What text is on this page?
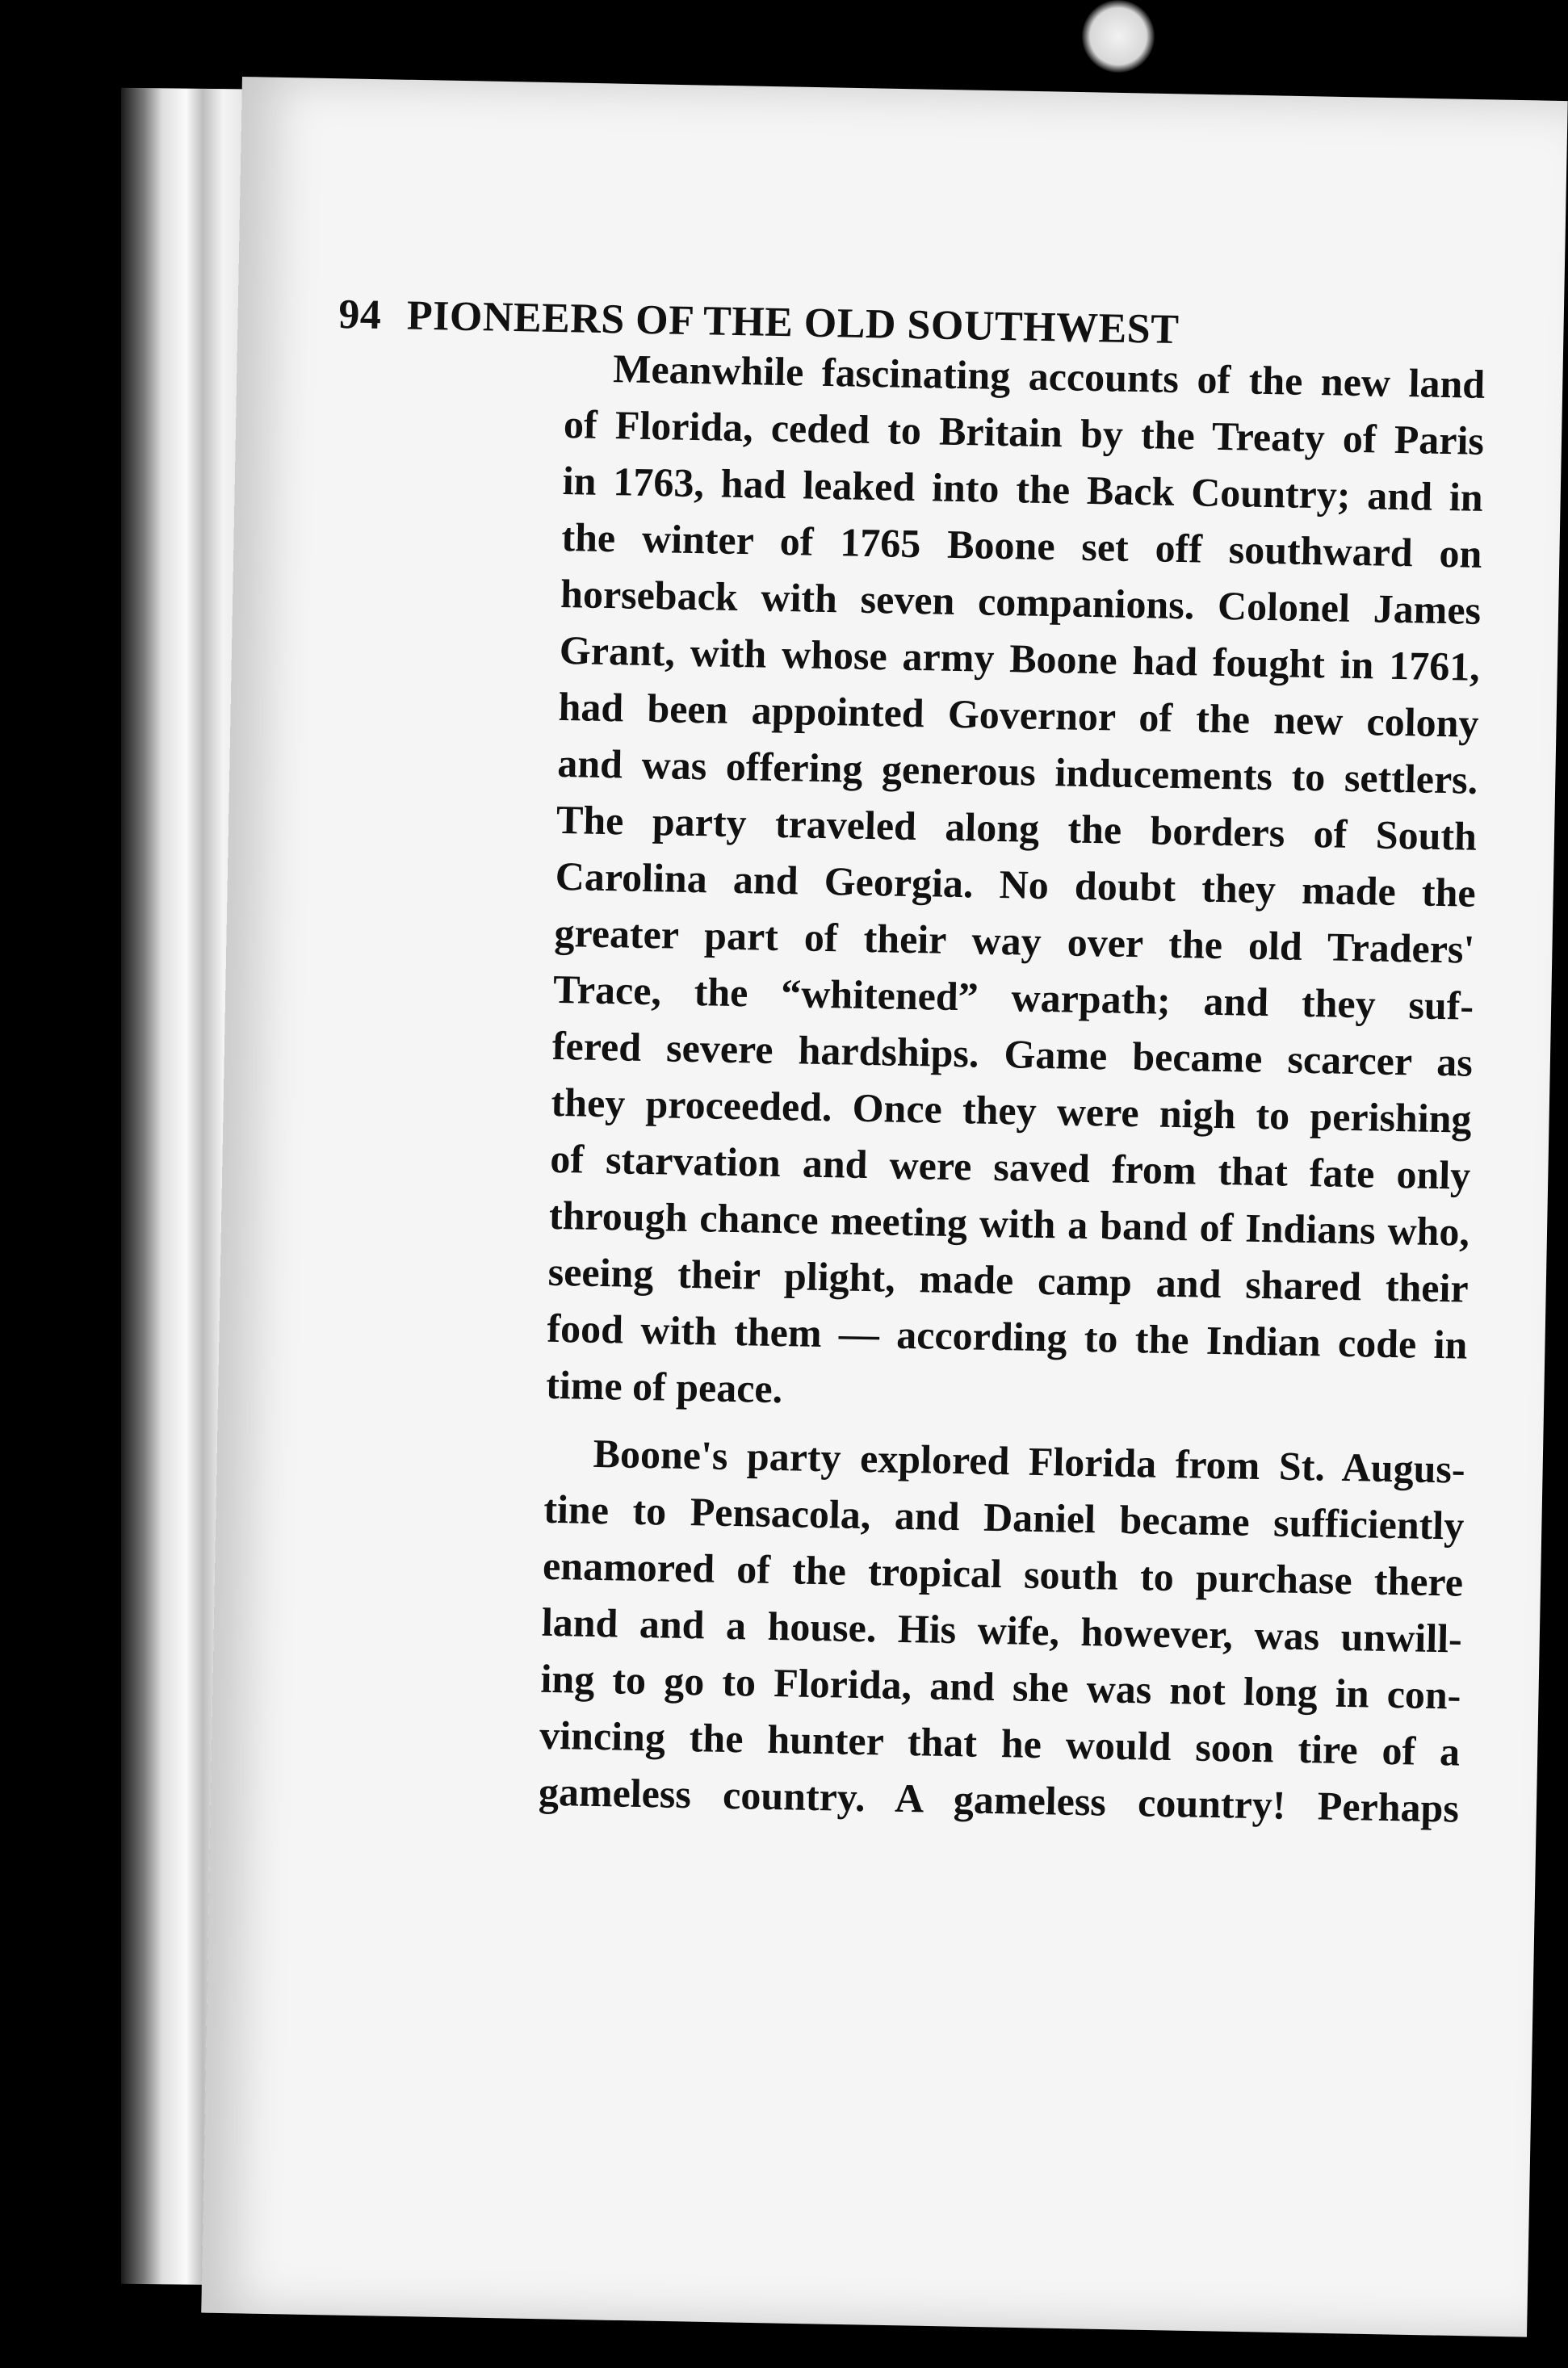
94 PIONEERS OF THE OLD SOUTHWEST
Meanwhile fascinating accounts of the new land
of Florida, ceded to Britain by the Treaty of Paris
in 1763, had leaked into the Back Country; and in
the winter of 1765 Boone set off southward on
horseback with seven companions. Colonel James
Grant, with whose army Boone had fought in 1761,
had been appointed Governor of the new colony
and was offering generous inducements to settlers.
The party traveled along the borders of South
Carolina and Georgia. No doubt they made the
greater part of their way over the old Traders'
Trace, the “whitened” warpath; and they suf-
fered severe hardships. Game became scarcer as
they proceeded. Once they were nigh to perishing
of starvation and were saved from that fate only
through chance meeting with a band of Indians who,
seeing their plight, made camp and shared their
food with them — according to the Indian code in
time of peace.
Boone's party explored Florida from St. Augus-
tine to Pensacola, and Daniel became sufficiently
enamored of the tropical south to purchase there
land and a house. His wife, however, was unwill-
ing to go to Florida, and she was not long in con-
vincing the hunter that he would soon tire of a
gameless country. A gameless country! Perhaps
